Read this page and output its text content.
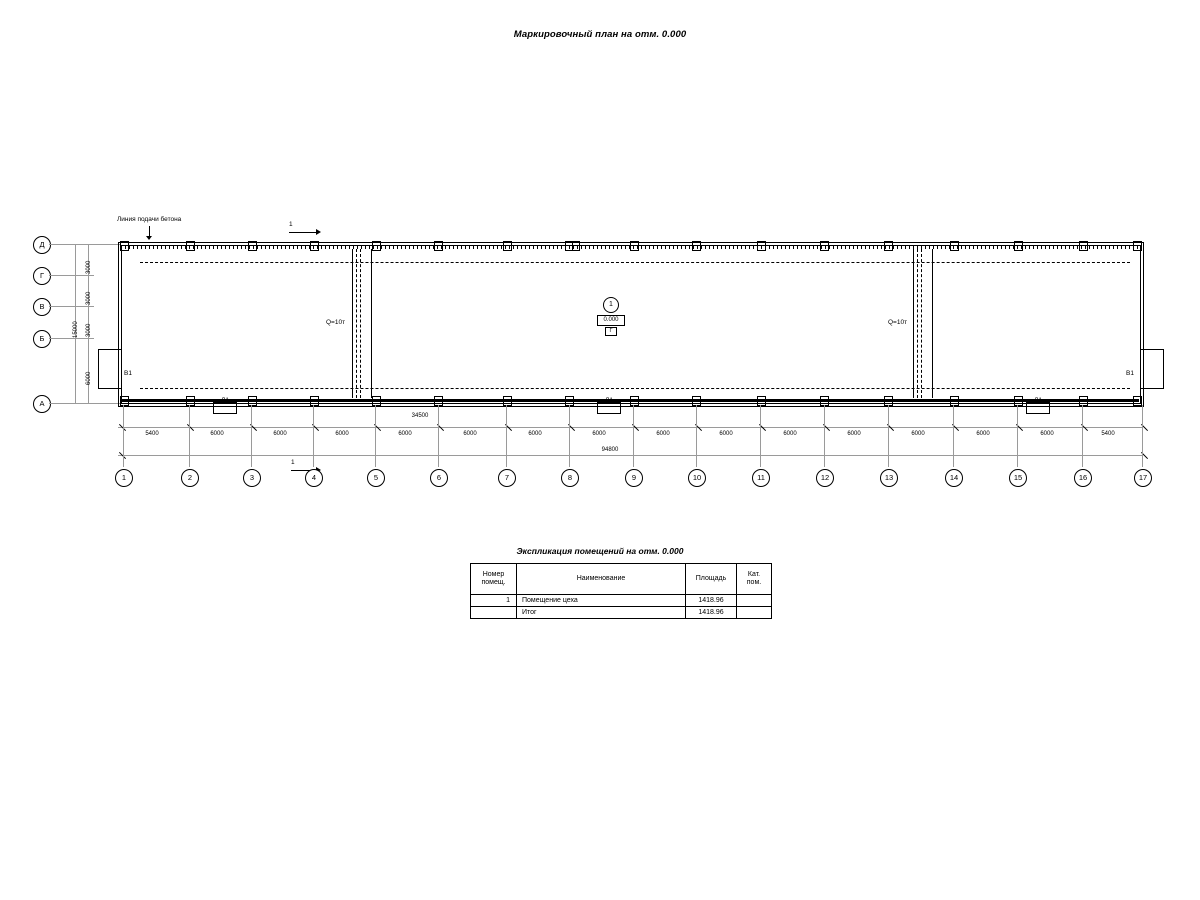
Маркировочный план на отм. 0.000
Экспликация помещений на отм. 0.000
Д
Г
В
Б
А
3000
3000
3000
6000
15000	Q=10т	Q=10т
В1	В1
Д1	Д1	Д1
Линия подачи бетона
1
1
1
0.000
Г
5400	6000	6000	6000	6000	6000	6000	6000	6000	6000	6000	6000	6000	6000	6000	5400
34500
94800
1	2	3	4	5	6	7	8	9	10	11	12	13	14	15	16	17
Номер помещ.	Наименование	Площадь	Кат. пом.
1	Помещение цеха	1418.96	
	Итог	1418.96	
